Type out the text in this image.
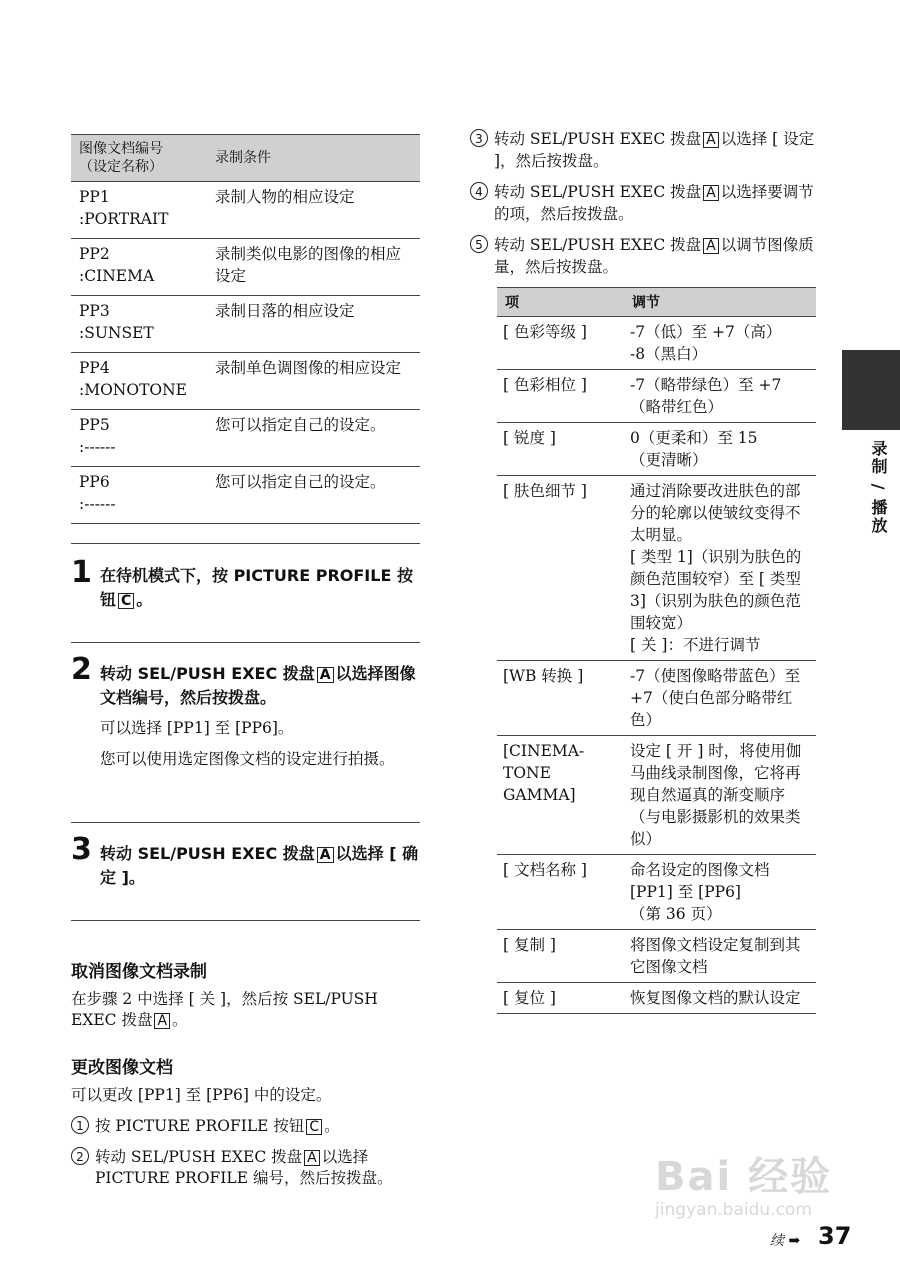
图像文档编号
（设定名称）	录制条件
PP1
:PORTRAIT	录制人物的相应设定
PP2
:CINEMA	录制类似电影的图像的相应设定
PP3
:SUNSET	录制日落的相应设定
PP4
:MONOTONE	录制单色调图像的相应设定
PP5
:------	您可以指定自己的设定。
PP6
:------	您可以指定自己的设定。
1 在待机模式下，按 PICTURE PROFILE 按钮 C 。
2 转动 SEL/PUSH EXEC 拨盘 A 以选择图像文档编号，然后按拨盘。
可以选择 [PP1] 至 [PP6]。
您可以使用选定图像文档的设定进行拍摄。
3 转动 SEL/PUSH EXEC 拨盘 A 以选择 [ 确定 ]。
取消图像文档录制
在步骤 2 中选择 [ 关 ]，然后按 SEL/PUSH EXEC 拨盘 A 。
更改图像文档
可以更改 [PP1] 至 [PP6] 中的设定。
1 按 PICTURE PROFILE 按钮 C 。
2 转动 SEL/PUSH EXEC 拨盘 A 以选择 PICTURE PROFILE 编号，然后按拨盘。
3 转动 SEL/PUSH EXEC 拨盘 A 以选择 [ 设定 ]，然后按拨盘。
4 转动 SEL/PUSH EXEC 拨盘 A 以选择要调节的项，然后按拨盘。
5 转动 SEL/PUSH EXEC 拨盘 A 以调节图像质量，然后按拨盘。
项	调节
[ 色彩等级 ]	-7（低）至 +7（高）
-8（黑白）
[ 色彩相位 ]	-7（略带绿色）至 +7
（略带红色）
[ 锐度 ]	0（更柔和）至 15
（更清晰）
[ 肤色细节 ]	通过消除要改进肤色的部分的轮廓以使皱纹变得不太明显。
[ 类型 1]（识别为肤色的颜色范围较窄）至 [ 类型 3]（识别为肤色的颜色范围较宽）
[ 关 ]：不进行调节
[WB 转换 ]	-7（使图像略带蓝色）至 +7（使白色部分略带红色）
[CINEMA-TONE GAMMA]	设定 [ 开 ] 时，将使用伽马曲线录制图像，它将再现自然逼真的渐变顺序（与电影摄影机的效果类似）
[ 文档名称 ]	命名设定的图像文档 [PP1] 至 [PP6]
（第 36 页）
[ 复制 ]	将图像文档设定复制到其它图像文档
[ 复位 ]	恢复图像文档的默认设定
录制 / 播放
Bai 经验
jingyan.baidu.com
续 ➡ 37
